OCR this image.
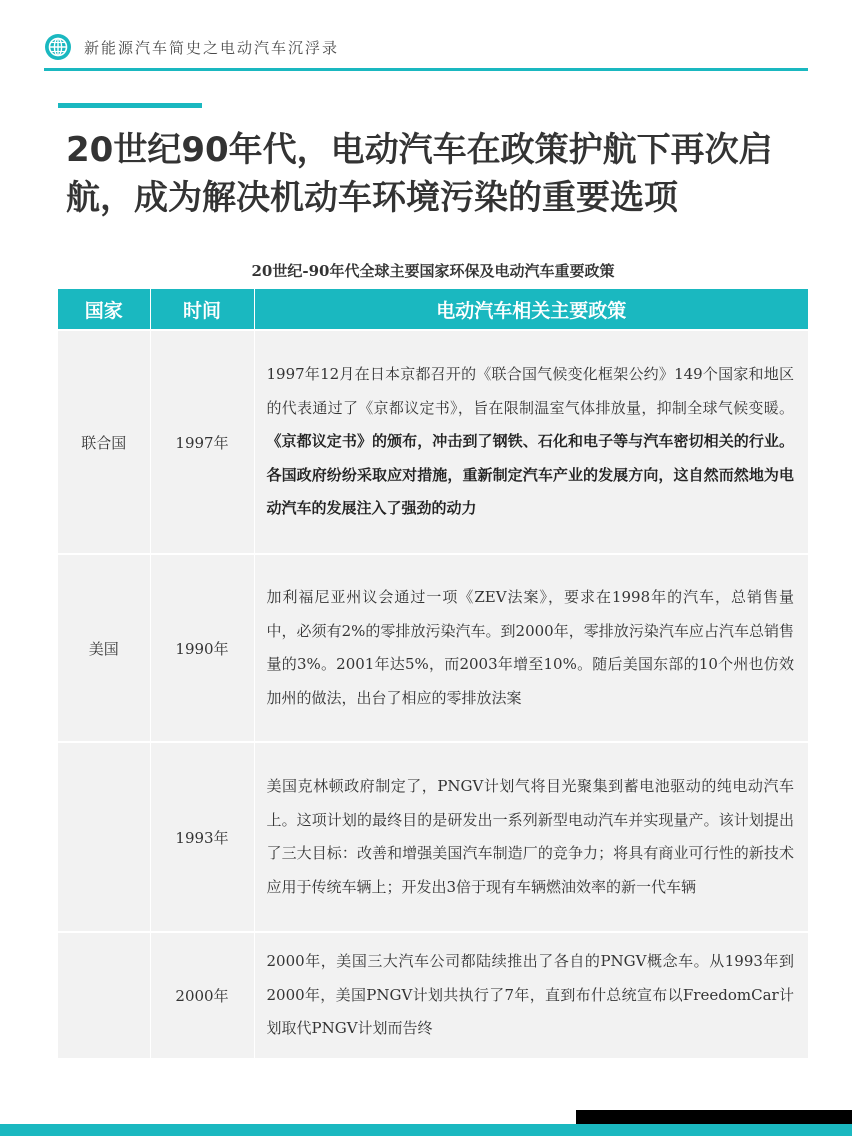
新能源汽车简史之电动汽车沉浮录
20世纪90年代，电动汽车在政策护航下再次启航，成为解决机动车环境污染的重要选项
20世纪-90年代全球主要国家环保及电动汽车重要政策
国家	时间	电动汽车相关主要政策
联合国	1997年	1997年12月在日本京都召开的《联合国气候变化框架公约》149个国家和地区的代表通过了《京都议定书》，旨在限制温室气体排放量，抑制全球气候变暖。《京都议定书》的颁布，冲击到了钢铁、石化和电子等与汽车密切相关的行业。各国政府纷纷采取应对措施，重新制定汽车产业的发展方向，这自然而然地为电动汽车的发展注入了强劲的动力
美国	1990年	加利福尼亚州议会通过一项《ZEV法案》，要求在1998年的汽车，总销售量中，必须有2%的零排放污染汽车。到2000年，零排放污染汽车应占汽车总销售量的3%。2001年达5%，而2003年增至10%。随后美国东部的10个州也仿效加州的做法，出台了相应的零排放法案
	1993年	美国克林顿政府制定了，PNGV计划气将目光聚集到蓄电池驱动的纯电动汽车上。这项计划的最终目的是研发出一系列新型电动汽车并实现量产。该计划提出了三大目标：改善和增强美国汽车制造厂的竞争力；将具有商业可行性的新技术应用于传统车辆上；开发出3倍于现有车辆燃油效率的新一代车辆
	2000年	2000年，美国三大汽车公司都陆续推出了各自的PNGV概念车。从1993年到2000年，美国PNGV计划共执行了7年，直到布什总统宣布以FreedomCar计划取代PNGV计划而告终
